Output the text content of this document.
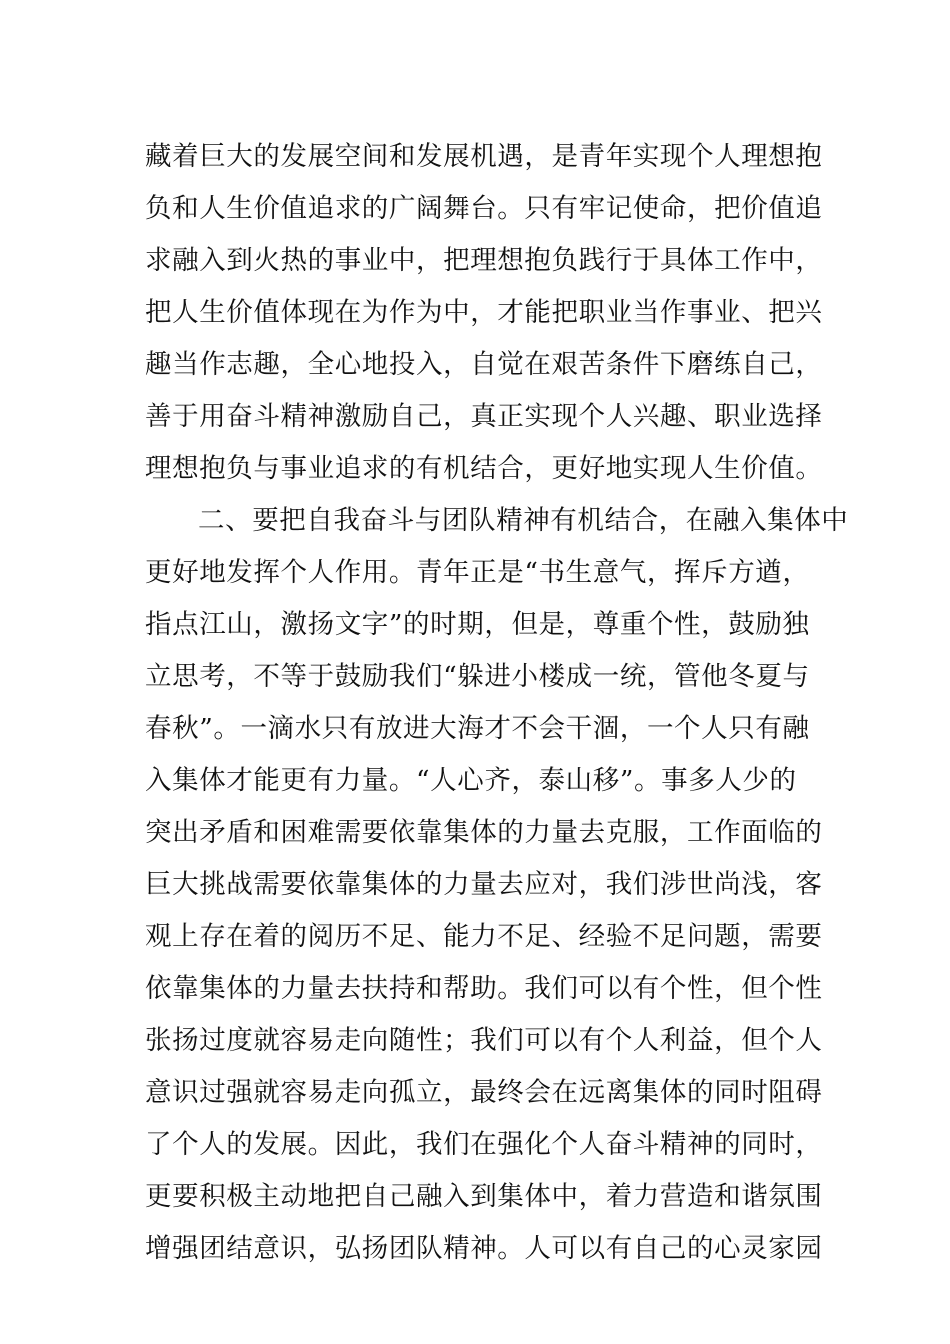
藏着巨大的发展空间和发展机遇，是青年实现个人理想抱
负和人生价值追求的广阔舞台。只有牢记使命，把价值追
求融入到火热的事业中，把理想抱负践行于具体工作中，
把人生价值体现在为作为中，才能把职业当作事业、把兴
趣当作志趣，全心地投入，自觉在艰苦条件下磨练自己，
善于用奋斗精神激励自己，真正实现个人兴趣、职业选择
理想抱负与事业追求的有机结合，更好地实现人生价值。
二、要把自我奋斗与团队精神有机结合，在融入集体中
更好地发挥个人作用。青年正是“书生意气，挥斥方遒，
指点江山，激扬文字”的时期，但是，尊重个性，鼓励独
立思考，不等于鼓励我们“躲进小楼成一统，管他冬夏与
春秋”。一滴水只有放进大海才不会干涸，一个人只有融
入集体才能更有力量。“人心齐，泰山移”。事多人少的
突出矛盾和困难需要依靠集体的力量去克服，工作面临的
巨大挑战需要依靠集体的力量去应对，我们涉世尚浅，客
观上存在着的阅历不足、能力不足、经验不足问题，需要
依靠集体的力量去扶持和帮助。我们可以有个性，但个性
张扬过度就容易走向随性；我们可以有个人利益，但个人
意识过强就容易走向孤立，最终会在远离集体的同时阻碍
了个人的发展。因此，我们在强化个人奋斗精神的同时，
更要积极主动地把自己融入到集体中，着力营造和谐氛围
增强团结意识，弘扬团队精神。人可以有自己的心灵家园
